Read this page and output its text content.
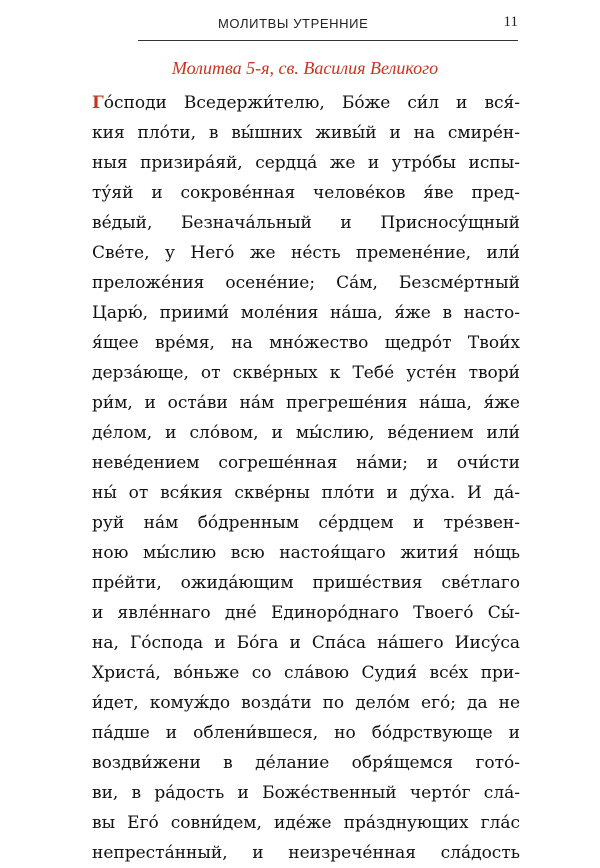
МОЛИТВЫ УТРЕННИЕ	11
Молитва 5-я, св. Василия Великого
Го́споди Вседержи́телю, Бо́же си́л и вся́-
кия пло́ти, в вы́шних живы́й и на смире́н-
ныя призира́яй, сердца́ же и утро́бы испы-
ту́яй и сокрове́нная челове́ков я́ве пред-
ве́дый, Безнача́льный и Присносу́щный
Све́те, у Него́ же не́сть премене́ние, или́
преложе́ния осене́ние; Са́м, Безсме́ртный
Царю́, приими́ моле́ния на́ша, я́же в насто-
я́щее вре́мя, на мно́жество щедро́т Твои́х
дерза́юще, от скве́рных к Тебе́ усте́н твори́
ри́м, и оста́ви на́м прегреше́ния на́ша, я́же
де́лом, и сло́вом, и мы́слию, ве́дением или́
неве́дением согреше́нная на́ми; и очи́сти
ны́ от вся́кия скве́рны пло́ти и ду́ха. И да́-
руй на́м бо́дренным се́рдцем и тре́звен-
ною мы́слию всю настоя́щаго жития́ но́щь
пре́йти, ожида́ющим прише́ствия све́тлаго
и явле́ннаго дне́ Единоро́днаго Твоего́ Сы́-
на, Го́спода и Бо́га и Спа́са на́шего Иису́са
Христа́, во́ньже со сла́вою Судия́ все́х при-
и́дет, комуж́до возда́ти по дело́м его́; да не
па́дше и облени́вшеся, но бо́дрствующе и
воздви́жени в де́лание обря́щемся гото́-
ви, в ра́дость и Боже́ственный черто́г сла́-
вы Его́ совни́дем, иде́же пра́зднующих гла́с
непреста́нный, и неизрече́нная сла́дость
